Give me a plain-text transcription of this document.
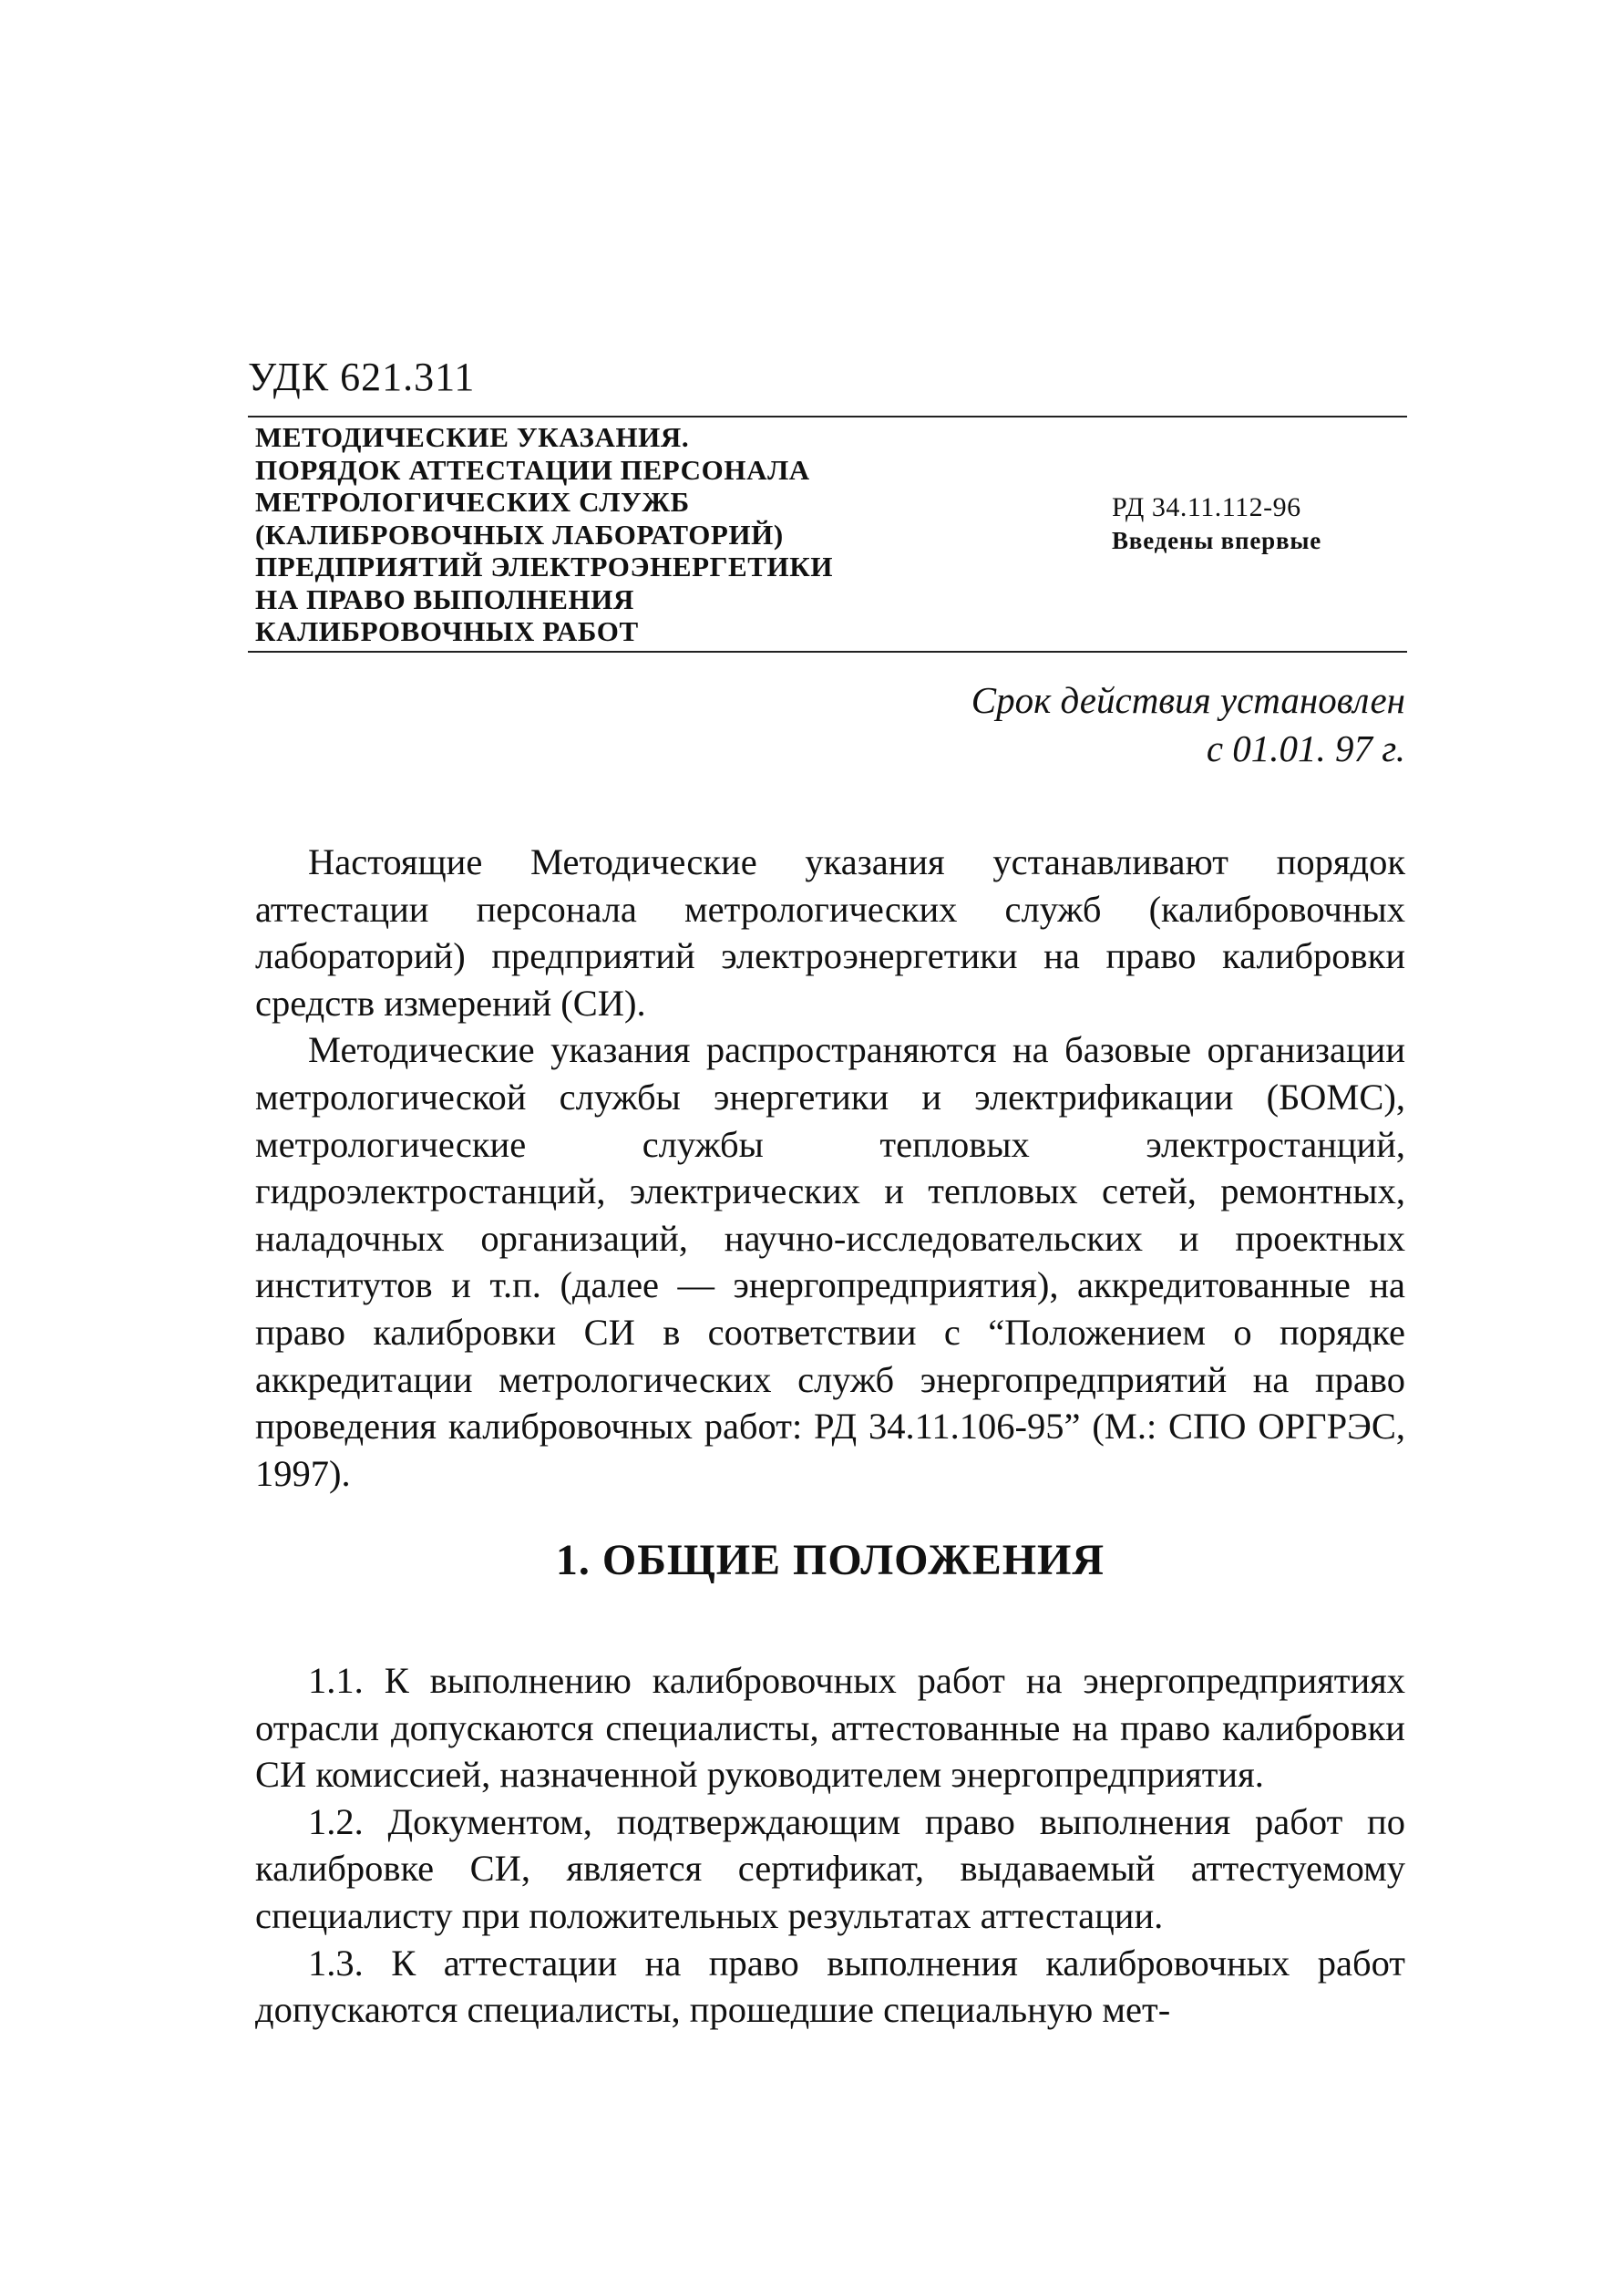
УДК 621.311
МЕТОДИЧЕСКИЕ УКАЗАНИЯ.
ПОРЯДОК АТТЕСТАЦИИ ПЕРСОНАЛА
МЕТРОЛОГИЧЕСКИХ СЛУЖБ
(КАЛИБРОВОЧНЫХ ЛАБОРАТОРИЙ)
ПРЕДПРИЯТИЙ ЭЛЕКТРОЭНЕРГЕТИКИ
НА ПРАВО ВЫПОЛНЕНИЯ
КАЛИБРОВОЧНЫХ РАБОТ
РД 34.11.112-96
Введены впервые
Срок действия установлен
с 01.01. 97 г.

Настоящие Методические указания устанавливают порядок аттестации персонала метрологических служб (калибровочных лабораторий) предприятий электроэнергетики на право калибровки средств измерений (СИ).

Методические указания распространяются на базовые организации метрологической службы энергетики и электрификации (БОМС), метрологические службы тепловых электростанций, гидроэлектростанций, электрических и тепловых сетей, ремонтных, наладочных организаций, научно-исследовательских и проектных институтов и т.п. (далее — энергопредприятия), аккредитованные на право калибровки СИ в соответствии с “Положением о порядке аккредитации метрологических служб энергопредприятий на право проведения калибровочных работ: РД 34.11.106-95” (М.: СПО ОРГРЭС, 1997).

1. ОБЩИЕ ПОЛОЖЕНИЯ

1.1. К выполнению калибровочных работ на энергопредприятиях отрасли допускаются специалисты, аттестованные на право калибровки СИ комиссией, назначенной руководителем энергопредприятия.

1.2. Документом, подтверждающим право выполнения работ по калибровке СИ, является сертификат, выдаваемый аттестуемому специалисту при положительных результатах аттестации.

1.3. К аттестации на право выполнения калибровочных работ допускаются специалисты, прошедшие специальную мет-
